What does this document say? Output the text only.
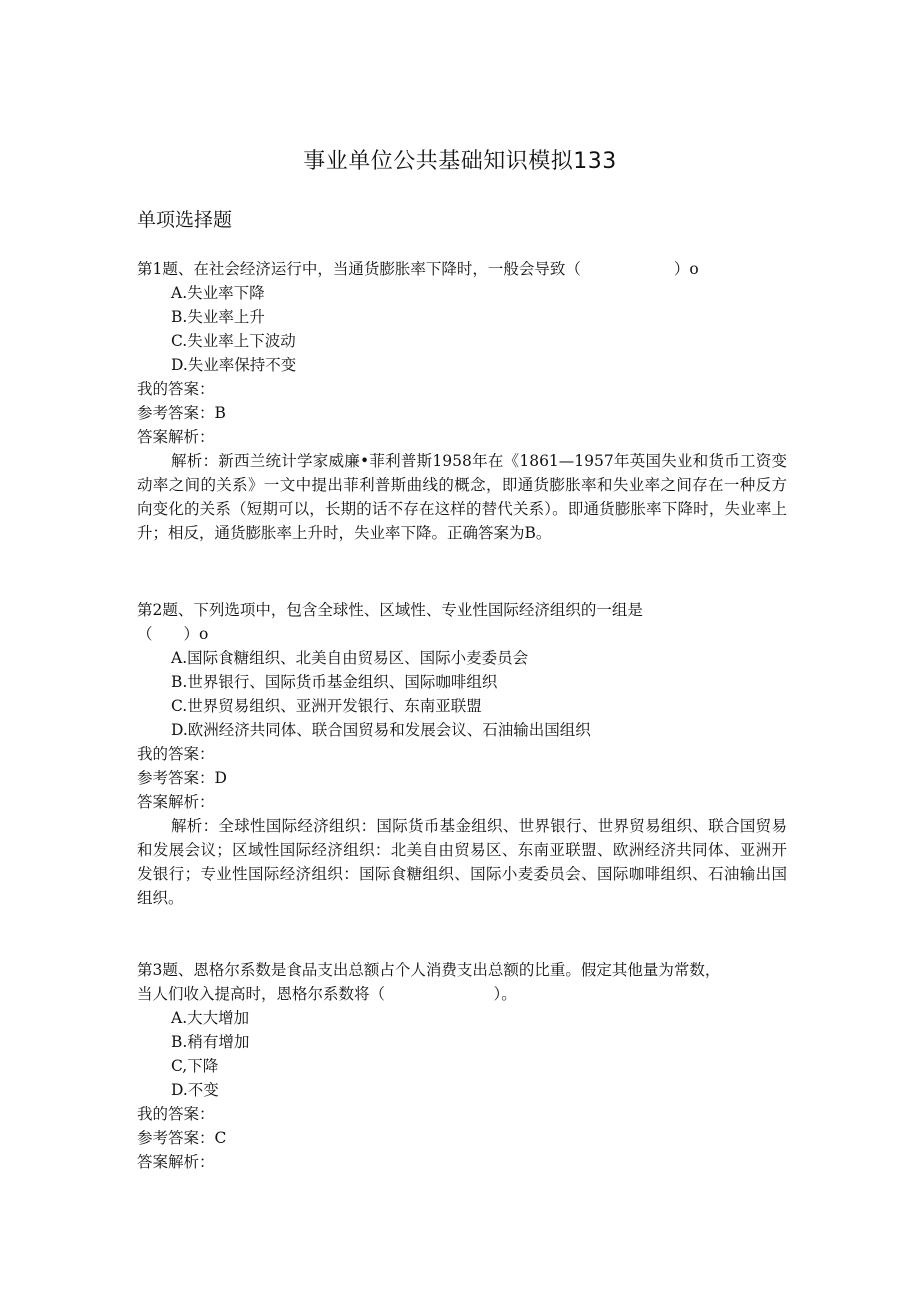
事业单位公共基础知识模拟133
单项选择题

第1题、在社会经济运行中，当通货膨胀率下降时，一般会导致（　　　　　　）o

A.失业率下降
B.失业率上升
C.失业率上下波动
D.失业率保持不变

我的答案：

参考答案：B

答案解析：

解析：新西兰统计学家威廉•菲利普斯1958年在《1861—1957年英国失业和货币工资变动率之间的关系》一文中提出菲利普斯曲线的概念，即通货膨胀率和失业率之间存在一种反方向变化的关系（短期可以，长期的话不存在这样的替代关系）。即通货膨胀率下降时，失业率上升；相反，通货膨胀率上升时，失业率下降。正确答案为B。

第2题、下列选项中，包含全球性、区域性、专业性国际经济组织的一组是

（　　）o

A.国际食糖组织、北美自由贸易区、国际小麦委员会
B.世界银行、国际货币基金组织、国际咖啡组织
C.世界贸易组织、亚洲开发银行、东南亚联盟
D.欧洲经济共同体、联合国贸易和发展会议、石油输出国组织

我的答案：

参考答案：D

答案解析：

解析：全球性国际经济组织：国际货币基金组织、世界银行、世界贸易组织、联合国贸易和发展会议；区域性国际经济组织：北美自由贸易区、东南亚联盟、欧洲经济共同体、亚洲开发银行；专业性国际经济组织：国际食糖组织、国际小麦委员会、国际咖啡组织、石油输出国组织。

第3题、恩格尔系数是食品支出总额占个人消费支出总额的比重。假定其他量为常数，

当人们收入提高时，恩格尔系数将（　　　　　　　）。

A.大大增加
B.稍有增加
C,下降
D.不变

我的答案：

参考答案：C

答案解析：
